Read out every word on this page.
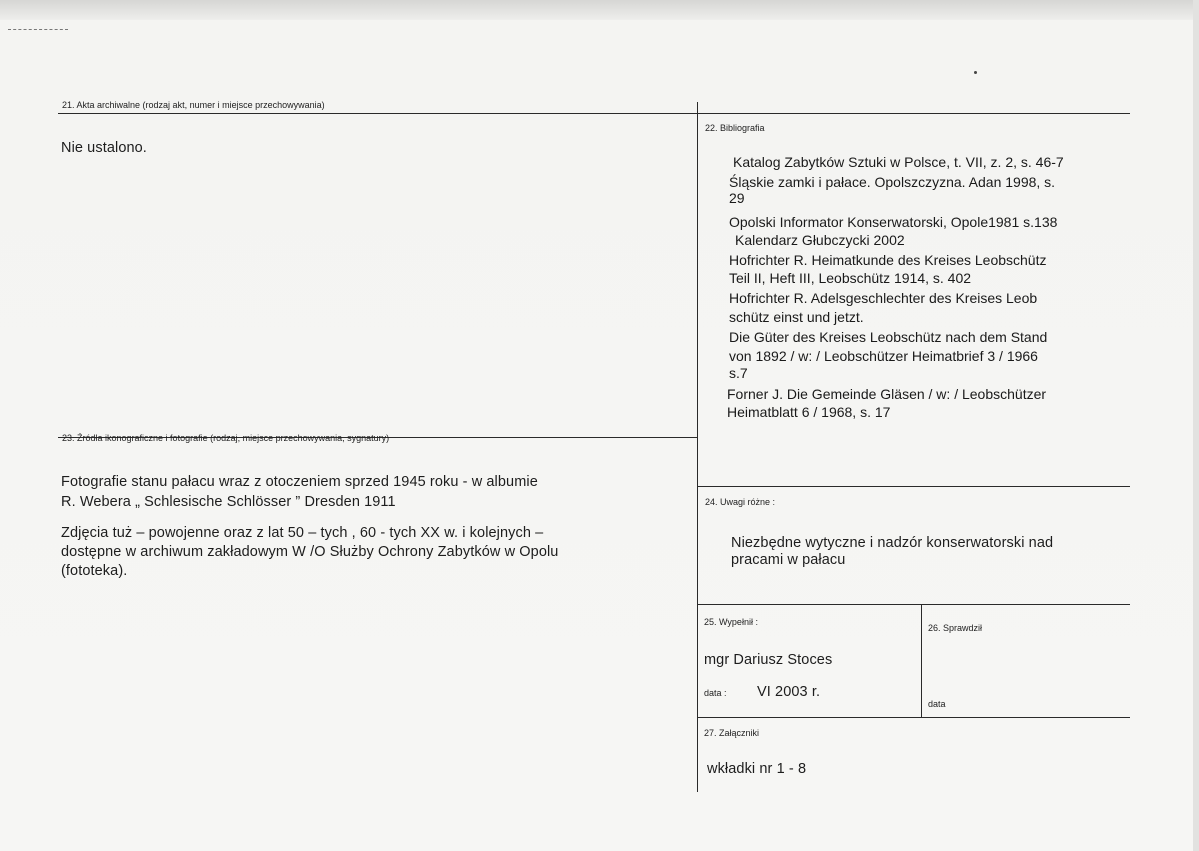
21. Akta archiwalne (rodzaj akt, numer i miejsce przechowywania)
Nie ustalono.
22. Bibliografia
Katalog Zabytków Sztuki w Polsce, t. VII, z. 2, s. 46-7
Śląskie zamki i pałace. Opolszczyzna. Adan 1998, s.
29
Opolski Informator Konserwatorski, Opole1981 s.138
Kalendarz Głubczycki 2002
Hofrichter R. Heimatkunde des Kreises Leobschütz
Teil II, Heft III, Leobschütz 1914, s. 402
Hofrichter R. Adelsgeschlechter des Kreises Leob
schütz einst und jetzt.
Die Güter des Kreises Leobschütz nach dem Stand
von 1892 / w: / Leobschützer Heimatbrief 3 / 1966
s.7
Forner J. Die Gemeinde Gläsen / w: / Leobschützer
Heimatblatt 6 / 1968, s. 17
23. Źródła ikonograficzne i fotografie (rodzaj, miejsce przechowywania, sygnatury)
Fotografie stanu pałacu wraz z otoczeniem sprzed 1945 roku - w albumie
R. Webera „ Schlesische Schlösser ” Dresden 1911
Zdjęcia tuż – powojenne oraz z lat 50 – tych , 60 - tych XX w. i kolejnych –
dostępne w archiwum zakładowym W /O Służby Ochrony Zabytków w Opolu
(fototeka).
24. Uwagi różne :
Niezbędne wytyczne i nadzór konserwatorski nad
pracami w pałacu
25. Wypełnił :
mgr Dariusz Stoces
data : VI 2003 r.
26. Sprawdził
data
27. Załączniki
wkładki nr 1 - 8
